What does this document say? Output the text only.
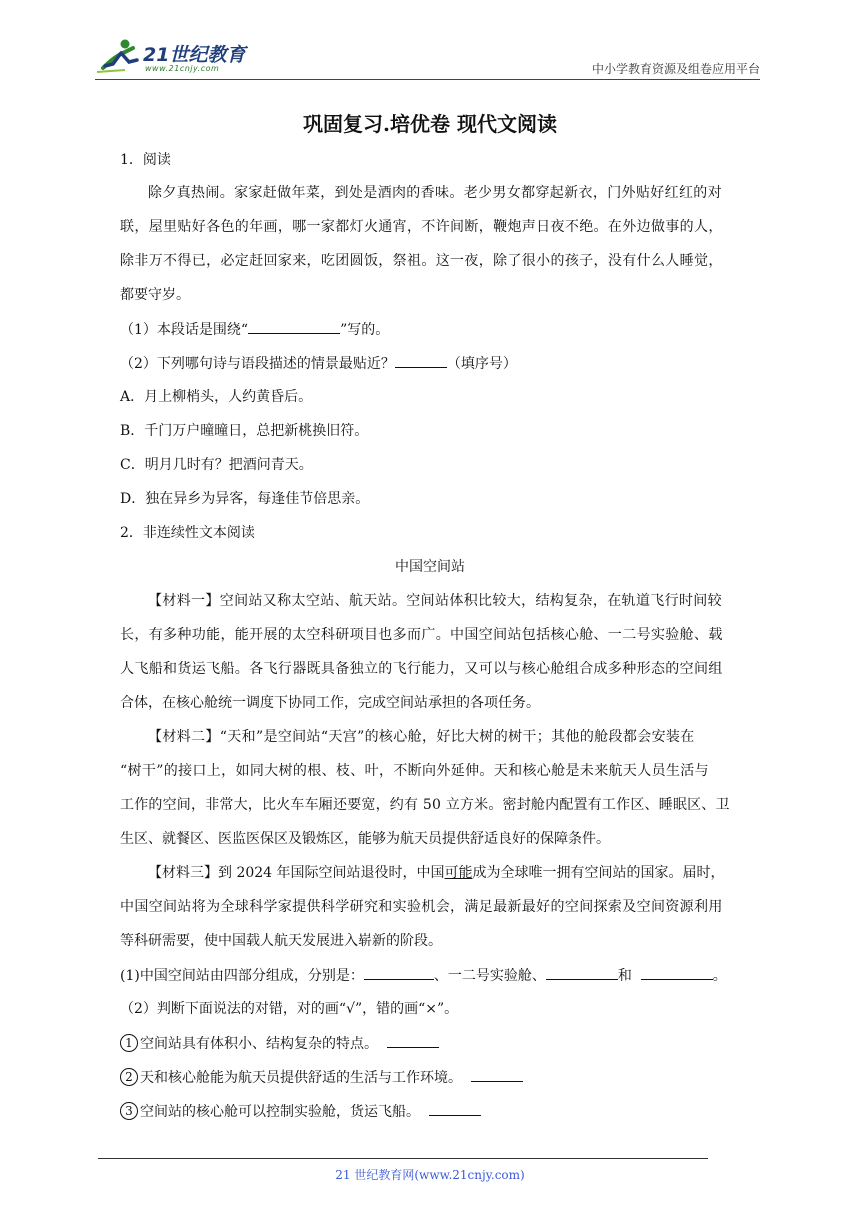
21世纪教育
www.21cnjy.com	中小学教育资源及组卷应用平台
巩固复习.培优卷 现代文阅读
1．阅读
除夕真热闹。家家赶做年菜，到处是酒肉的香味。老少男女都穿起新衣，门外贴好红红的对
联，屋里贴好各色的年画，哪一家都灯火通宵，不许间断，鞭炮声日夜不绝。在外边做事的人，
除非万不得已，必定赶回家来，吃团圆饭，祭祖。这一夜，除了很小的孩子，没有什么人睡觉，
都要守岁。
（1）本段话是围绕“	”写的。
（2）下列哪句诗与语段描述的情景最贴近？	（填序号）
A．月上柳梢头，人约黄昏后。
B．千门万户曈曈日，总把新桃换旧符。
C．明月几时有？把酒问青天。
D．独在异乡为异客，每逢佳节倍思亲。
2．非连续性文本阅读
中国空间站
【材料一】空间站又称太空站、航天站。空间站体积比较大，结构复杂，在轨道飞行时间较
长，有多种功能，能开展的太空科研项目也多而广。中国空间站包括核心舱、一二号实验舱、载
人飞船和货运飞船。各飞行器既具备独立的飞行能力，又可以与核心舱组合成多种形态的空间组
合体，在核心舱统一调度下协同工作，完成空间站承担的各项任务。
【材料二】“天和”是空间站“天宫”的核心舱，好比大树的树干；其他的舱段都会安装在
“树干”的接口上，如同大树的根、枝、叶，不断向外延伸。天和核心舱是未来航天人员生活与
工作的空间，非常大，比火车车厢还要宽，约有 50 立方米。密封舱内配置有工作区、睡眠区、卫
生区、就餐区、医监医保区及锻炼区，能够为航天员提供舒适良好的保障条件。
【材料三】到 2024 年国际空间站退役时，中国可能成为全球唯一拥有空间站的国家。届时，
中国空间站将为全球科学家提供科学研究和实验机会，满足最新最好的空间探索及空间资源利用
等科研需要，使中国载人航天发展进入崭新的阶段。
(1)中国空间站由四部分组成，分别是：	、一二号实验舱、	和	。
（2）判断下面说法的对错，对的画“√”，错的画“×”。
1 空间站具有体积小、结构复杂的特点。
2 天和核心舱能为航天员提供舒适的生活与工作环境。
3 空间站的核心舱可以控制实验舱，货运飞船。
21 世纪教育网(www.21cnjy.com)
